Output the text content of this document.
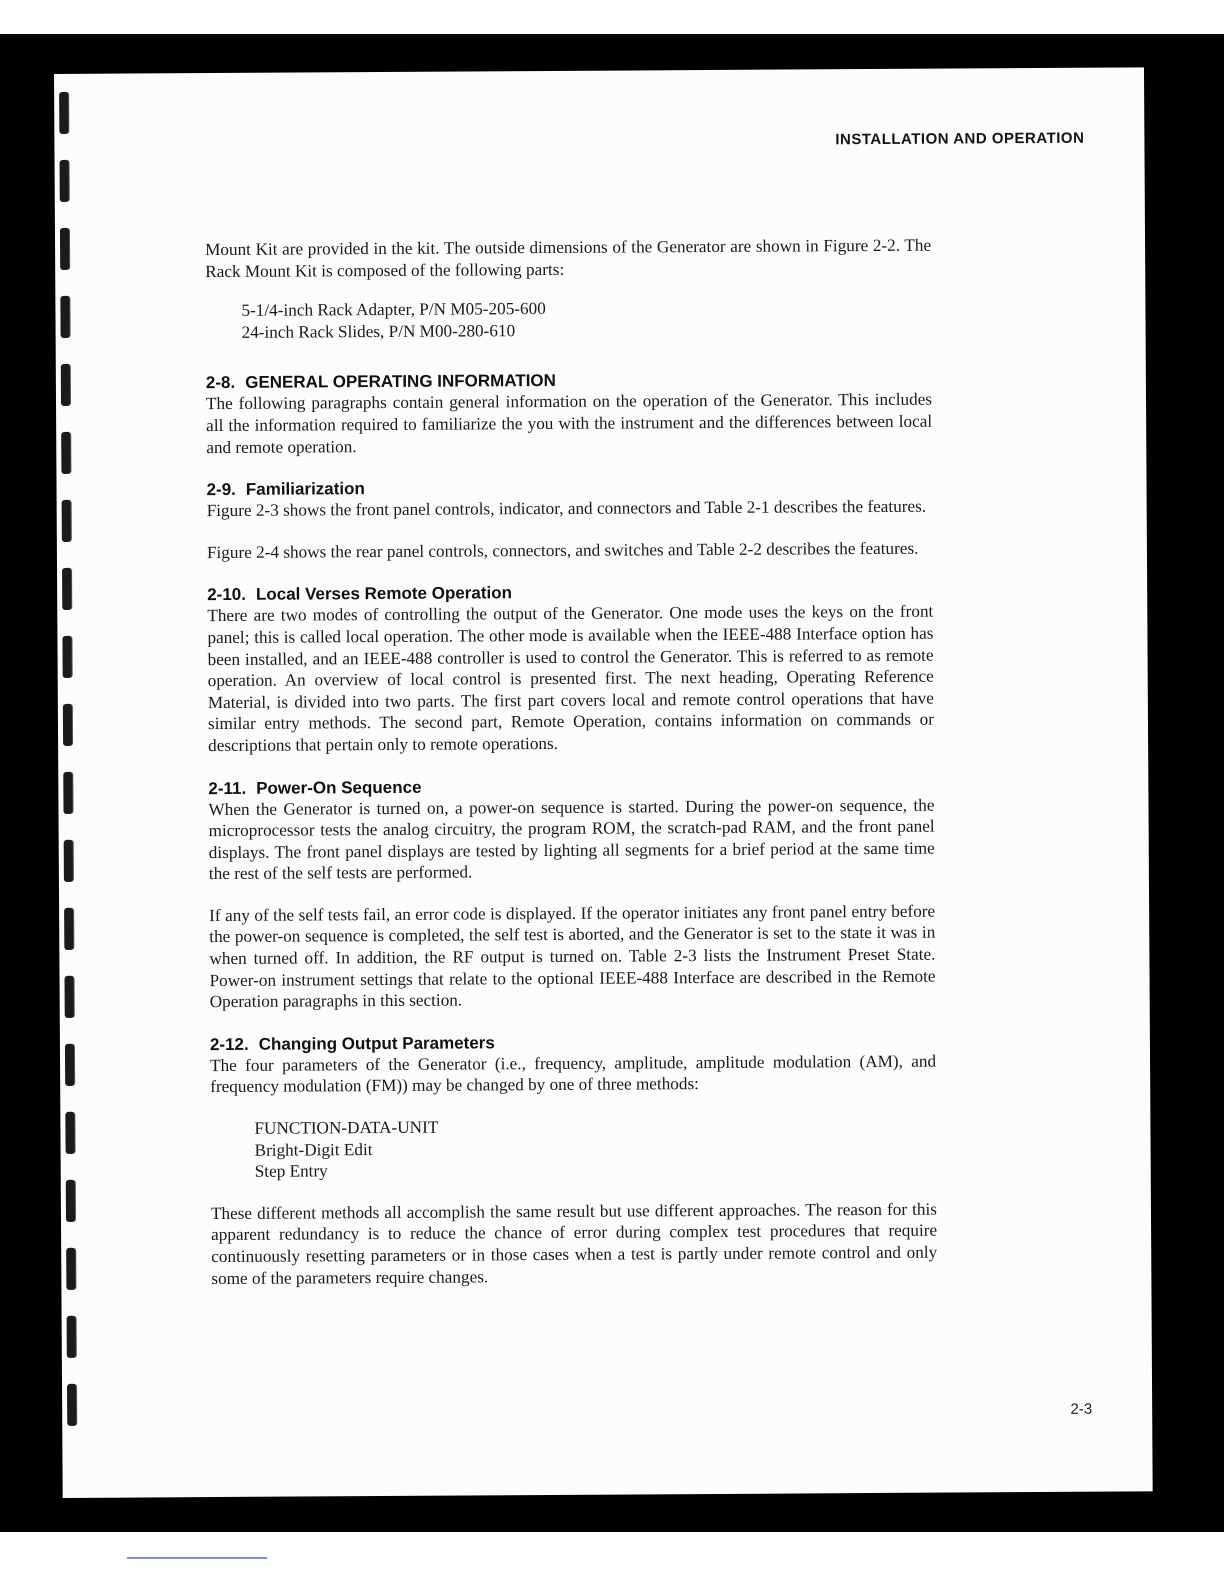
INSTALLATION AND OPERATION

Mount Kit are provided in the kit. The outside dimensions of the Generator are shown in Figure 2-2. The Rack Mount Kit is composed of the following parts:

5-1/4-inch Rack Adapter, P/N M05-205-600
24-inch Rack Slides, P/N M00-280-610
2-8. GENERAL OPERATING INFORMATION

The following paragraphs contain general information on the operation of the Generator. This includes all the information required to familiarize the you with the instrument and the differences between local and remote operation.

2-9. Familiarization

Figure 2-3 shows the front panel controls, indicator, and connectors and Table 2-1 describes the features.

Figure 2-4 shows the rear panel controls, connectors, and switches and Table 2-2 describes the features.

2-10. Local Verses Remote Operation

There are two modes of controlling the output of the Generator. One mode uses the keys on the front panel; this is called local operation. The other mode is available when the IEEE-488 Interface option has been installed, and an IEEE-488 controller is used to control the Generator. This is referred to as remote operation. An overview of local control is presented first. The next heading, Operating Reference Material, is divided into two parts. The first part covers local and remote control operations that have similar entry methods. The second part, Remote Operation, contains information on commands or descriptions that pertain only to remote operations.

2-11. Power-On Sequence

When the Generator is turned on, a power-on sequence is started. During the power-on sequence, the microprocessor tests the analog circuitry, the program ROM, the scratch-pad RAM, and the front panel displays. The front panel displays are tested by lighting all segments for a brief period at the same time the rest of the self tests are performed.

If any of the self tests fail, an error code is displayed. If the operator initiates any front panel entry before the power-on sequence is completed, the self test is aborted, and the Generator is set to the state it was in when turned off. In addition, the RF output is turned on. Table 2-3 lists the Instrument Preset State. Power-on instrument settings that relate to the optional IEEE-488 Interface are described in the Remote Operation paragraphs in this section.

2-12. Changing Output Parameters

The four parameters of the Generator (i.e., frequency, amplitude, amplitude modulation (AM), and frequency modulation (FM)) may be changed by one of three methods:

FUNCTION-DATA-UNIT
Bright-Digit Edit
Step Entry

These different methods all accomplish the same result but use different approaches. The reason for this apparent redundancy is to reduce the chance of error during complex test procedures that require continuously resetting parameters or in those cases when a test is partly under remote control and only some of the parameters require changes.

2-3
